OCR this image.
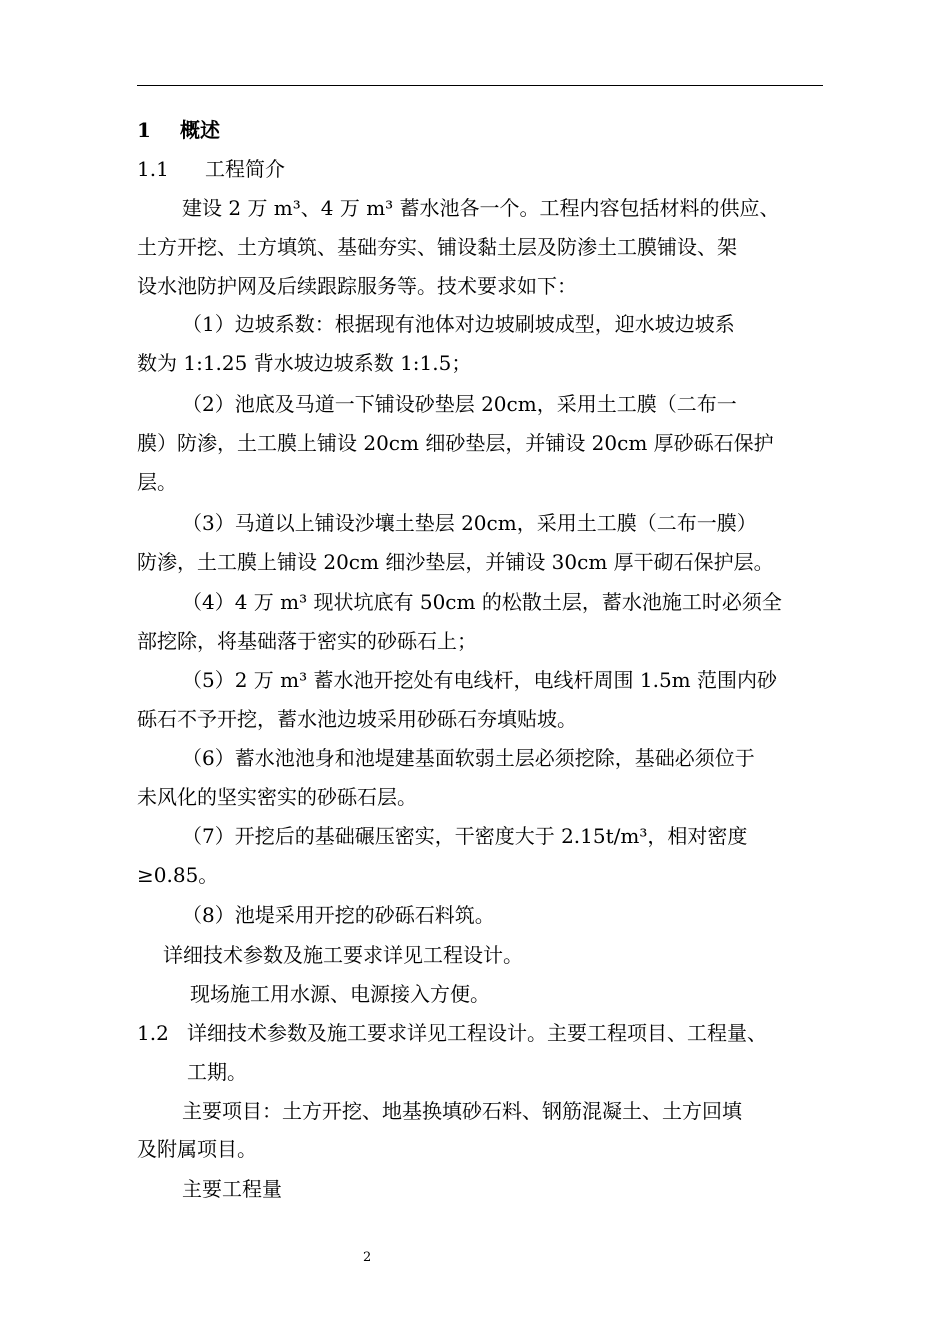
1 概述
1.1 工程简介
建设 2 万 m³、4 万 m³ 蓄水池各一个。工程内容包括材料的供应、
土方开挖、土方填筑、基础夯实、铺设黏土层及防渗土工膜铺设、架
设水池防护网及后续跟踪服务等。技术要求如下：
（1）边坡系数：根据现有池体对边坡刷坡成型，迎水坡边坡系
数为 1:1.25 背水坡边坡系数 1:1.5；
（2）池底及马道一下铺设砂垫层 20cm，采用土工膜（二布一
膜）防渗，土工膜上铺设 20cm 细砂垫层，并铺设 20cm 厚砂砾石保护
层。
（3）马道以上铺设沙壤土垫层 20cm，采用土工膜（二布一膜）
防渗，土工膜上铺设 20cm 细沙垫层，并铺设 30cm 厚干砌石保护层。
（4）4 万 m³ 现状坑底有 50cm 的松散土层，蓄水池施工时必须全
部挖除，将基础落于密实的砂砾石上；
（5）2 万 m³ 蓄水池开挖处有电线杆，电线杆周围 1.5m 范围内砂
砾石不予开挖，蓄水池边坡采用砂砾石夯填贴坡。
（6）蓄水池池身和池堤建基面软弱土层必须挖除，基础必须位于
未风化的坚实密实的砂砾石层。
（7）开挖后的基础碾压密实，干密度大于 2.15t/m³，相对密度
≥0.85。
（8）池堤采用开挖的砂砾石料筑。
详细技术参数及施工要求详见工程设计。
现场施工用水源、电源接入方便。
1.2 详细技术参数及施工要求详见工程设计。主要工程项目、工程量、
工期。
主要项目：土方开挖、地基换填砂石料、钢筋混凝土、土方回填
及附属项目。
主要工程量
2
